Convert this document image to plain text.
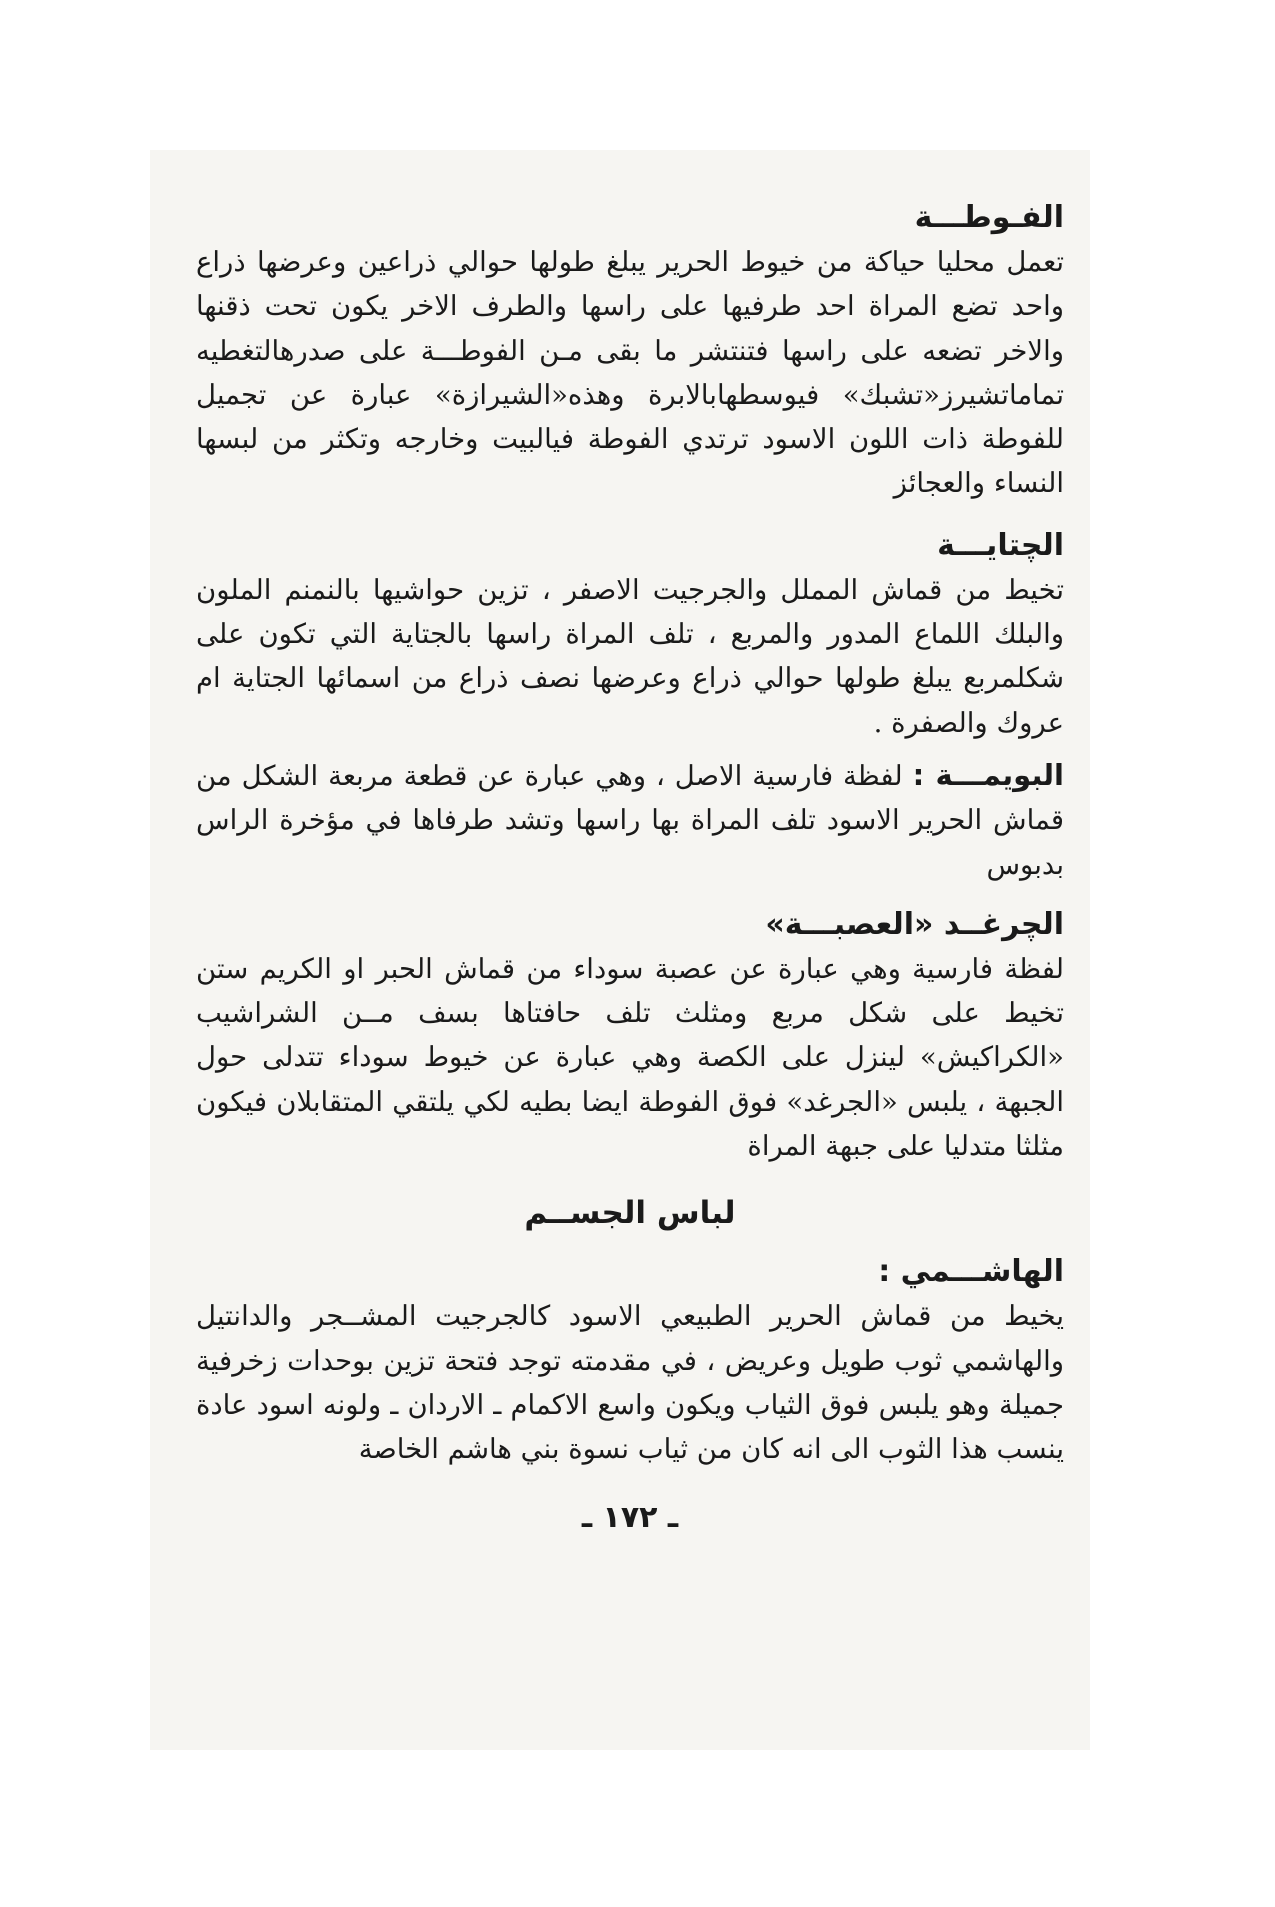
الفـوطـــة

تعمل محليا حياكة من خيوط الحرير يبلغ طولها حوالي ذراعين وعرضها ذراع واحد تضع المراة احد طرفيها على راسها والطرف الاخر يكون تحت ذقنها والاخر تضعه على راسها فتنتشر ما بقى مـن الفوطـــة على صدرهالتغطيه تماماتشيرز«تشبك» فيوسطهابالابرة وهذه«الشيرازة» عبارة عن تجميل للفوطة ذات اللون الاسود ترتدي الفوطة فيالبيت وخارجه وتكثر من لبسها النساء والعجائز

الچتايـــة

تخيط من قماش المملل والجرجيت الاصفر ، تزين حواشيها بالنمنم الملون والبلك اللماع المدور والمربع ، تلف المراة راسها بالجتاية التي تكون على شكلمربع يبلغ طولها حوالي ذراع وعرضها نصف ذراع من اسمائها الجتاية ام عروك والصفرة .

البويمـــة : لفظة فارسية الاصل ، وهي عبارة عن قطعة مربعة الشكل من قماش الحرير الاسود تلف المراة بها راسها وتشد طرفاها في مؤخرة الراس بدبوس

الچرغــد «العصبـــة»

لفظة فارسية وهي عبارة عن عصبة سوداء من قماش الحبر او الكريم ستن تخيط على شكل مربع ومثلث تلف حافتاها بسف مــن الشراشيب «الكراكيش» لينزل على الكصة وهي عبارة عن خيوط سوداء تتدلى حول الجبهة ، يلبس «الجرغد» فوق الفوطة ايضا بطيه لكي يلتقي المتقابلان فيكون مثلثا متدليا على جبهة المراة

لباس الجســم

الهاشـــمي :

يخيط من قماش الحرير الطبيعي الاسود كالجرجيت المشــجر والدانتيل والهاشمي ثوب طويل وعريض ، في مقدمته توجد فتحة تزين بوحدات زخرفية جميلة وهو يلبس فوق الثياب ويكون واسع الاكمام ـ الاردان ـ ولونه اسود عادة ينسب هذا الثوب الى انه كان من ثياب نسوة بني هاشم الخاصة

ـ ١٧٢ ـ
